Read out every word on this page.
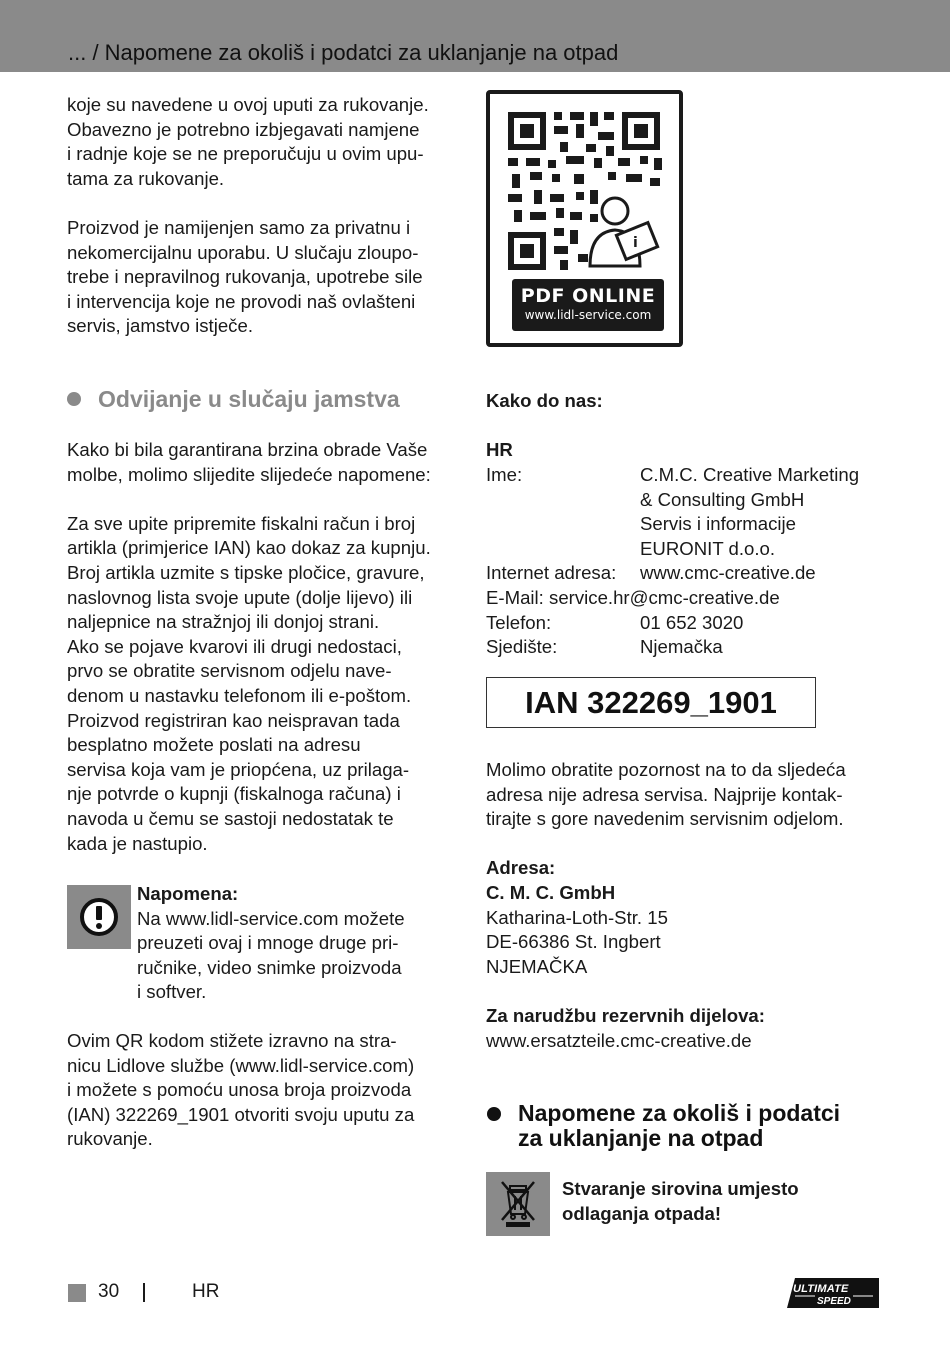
... / Napomene za okoliš i podatci za uklanjanje na otpad
koje su navedene u ovoj uputi za rukovanje.
Obavezno je potrebno izbjegavati namjene
i radnje koje se ne preporučuju u ovim upu-
tama za rukovanje.
Proizvod je namijenjen samo za privatnu i
nekomercijalnu uporabu. U slučaju zloupo-
trebe i nepravilnog rukovanja, upotrebe sile
i intervencija koje ne provodi naš ovlašteni
servis, jamstvo istječe.
i
PDF ONLINE
www.lidl-service.com
Odvijanje u slučaju jamstva
Kako bi bila garantirana brzina obrade Vaše
molbe, molimo slijedite slijedeće napomene:
Za sve upite pripremite fiskalni račun i broj
artikla (primjerice IAN) kao dokaz za kupnju.
Broj artikla uzmite s tipske pločice, gravure,
naslovnog lista svoje upute (dolje lijevo) ili
naljepnice na stražnjoj ili donjoj strani.
Ako se pojave kvarovi ili drugi nedostaci,
prvo se obratite servisnom odjelu nave-
denom u nastavku telefonom ili e-poštom.
Proizvod registriran kao neispravan tada
besplatno možete poslati na adresu
servisa koja vam je priopćena, uz prilaga-
nje potvrde o kupnji (fiskalnoga računa) i
navoda u čemu se sastoji nedostatak te
kada je nastupio.
Napomena:
Na www.lidl-service.com možete
preuzeti ovaj i mnoge druge pri-
ručnike, video snimke proizvoda
i softver.
Ovim QR kodom stižete izravno na stra-
nicu Lidlove službe (www.lidl-service.com)
i možete s pomoću unosa broja proizvoda
(IAN) 322269_1901 otvoriti svoju uputu za
rukovanje.
Kako do nas:
HR
Ime:	C.M.C. Creative Marketing
& Consulting GmbH
Servis i informacije
EURONIT d.o.o.
Internet adresa: www.cmc-creative.de
E-Mail: service.hr@cmc-creative.de
Telefon:	01 652 3020
Sjedište:	Njemačka
IAN 322269_1901
Molimo obratite pozornost na to da sljedeća
adresa nije adresa servisa. Najprije kontak-
tirajte s gore navedenim servisnim odjelom.
Adresa:
C. M. C. GmbH
Katharina-Loth-Str. 15
DE-66386 St. Ingbert
NJEMAČKA
Za narudžbu rezervnih dijelova:
www.ersatzteile.cmc-creative.de
Napomene za okoliš i podatci
za uklanjanje na otpad
Stvaranje sirovina umjesto
odlaganja otpada!
30	HR	ULTIMATE
SPEED
